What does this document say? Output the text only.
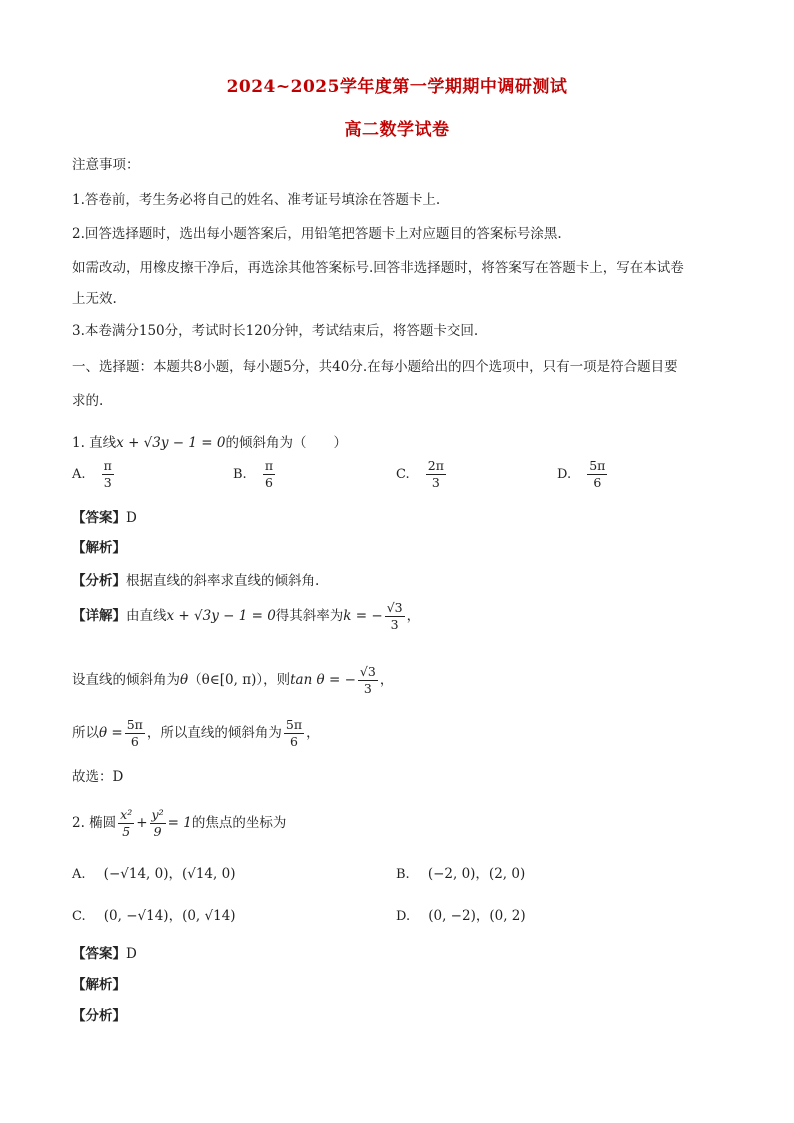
2024~2025学年度第一学期期中调研测试
高二数学试卷
注意事项：
1.答卷前，考生务必将自己的姓名、准考证号填涂在答题卡上.
2.回答选择题时，选出每小题答案后，用铅笔把答题卡上对应题目的答案标号涂黑.
如需改动，用橡皮擦干净后，再选涂其他答案标号.回答非选择题时，将答案写在答题卡上，写在本试卷
上无效.
3.本卷满分150分，考试时长120分钟，考试结束后，将答题卡交回.
一、选择题：本题共8小题，每小题5分，共40分.在每小题给出的四个选项中，只有一项是符合题目要
求的.
1. 直线x + √3y − 1 = 0的倾斜角为（　　）
A. $\frac{\pi}{3}$	B. $\frac{\pi}{6}$	C. $\frac{2\pi}{3}$	D. $\frac{5\pi}{6}$
【答案】D
【解析】
【分析】根据直线的斜率求直线的倾斜角.
【详解】由直线x + √3y − 1 = 0得其斜率为k = − $\frac{√3}{3}$ ，
设直线的倾斜角为θ（θ∈[0, π)），则tan θ = − $\frac{√3}{3}$ ，
所以$\theta = \frac{5\pi}{6}$ ，所以直线的倾斜角为 $\frac{5\pi}{6}$ ，
故选：D
2. 椭圆 $\frac{\text{x²}}{5} + \frac{\text{y²}}{9} = 1$的焦点的坐标为
A. (−√14, 0)，(√14, 0)	B. (−2, 0)，(2, 0)
C. (0, −√14)，(0, √14)	D. (0, −2)，(0, 2)
【答案】D
【解析】
【分析】
